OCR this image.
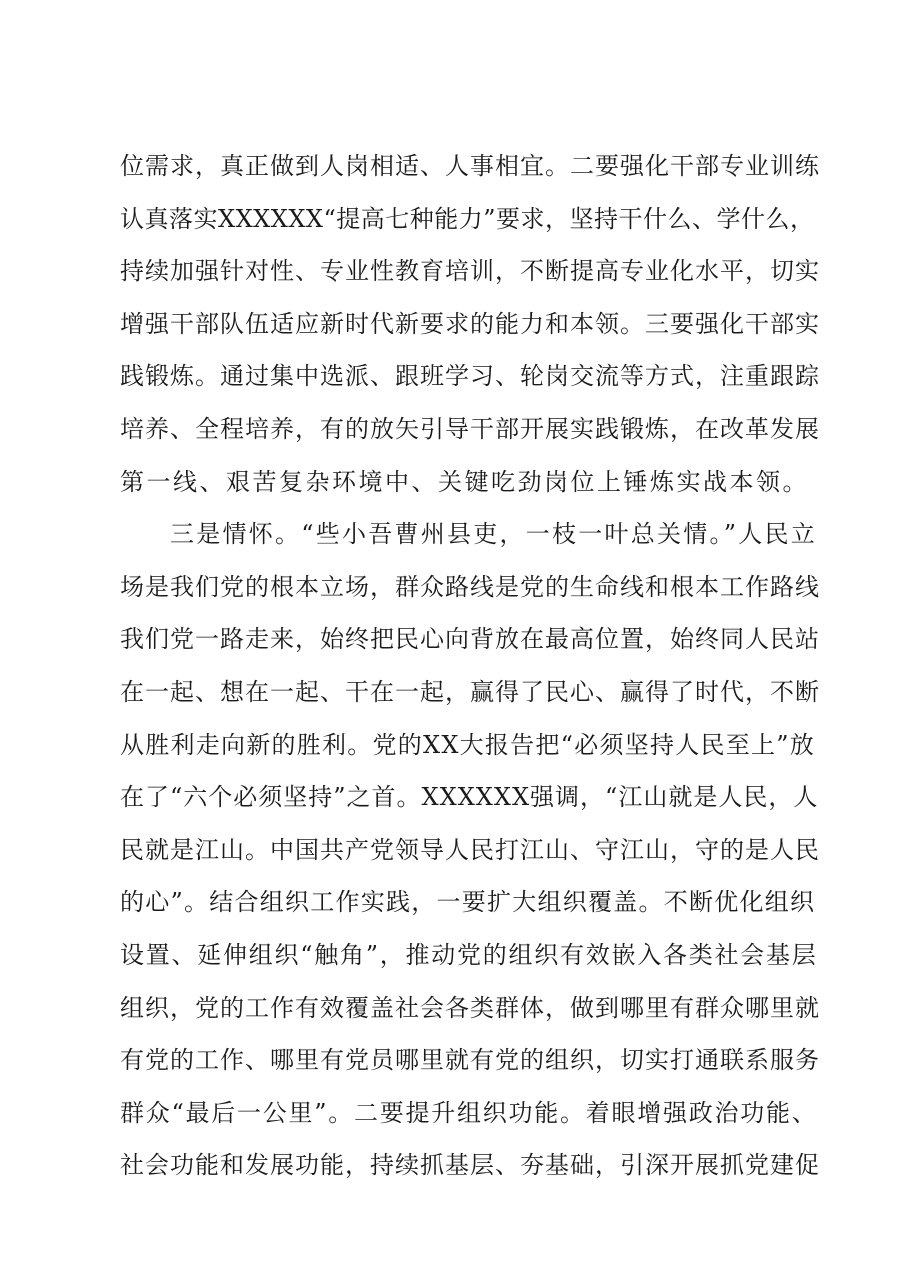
位需求，真正做到人岗相适、人事相宜。二要强化干部专业训练
认真落实XXXXXX“提高七种能力”要求，坚持干什么、学什么，
持续加强针对性、专业性教育培训，不断提高专业化水平，切实
增强干部队伍适应新时代新要求的能力和本领。三要强化干部实
践锻炼。通过集中选派、跟班学习、轮岗交流等方式，注重跟踪
培养、全程培养，有的放矢引导干部开展实践锻炼，在改革发展
第一线、艰苦复杂环境中、关键吃劲岗位上锤炼实战本领。
三是情怀。“些小吾曹州县吏，一枝一叶总关情。”人民立
场是我们党的根本立场，群众路线是党的生命线和根本工作路线
我们党一路走来，始终把民心向背放在最高位置，始终同人民站
在一起、想在一起、干在一起，赢得了民心、赢得了时代，不断
从胜利走向新的胜利。党的XX大报告把“必须坚持人民至上”放
在了“六个必须坚持”之首。XXXXXX强调，“江山就是人民，人
民就是江山。中国共产党领导人民打江山、守江山，守的是人民
的心”。结合组织工作实践，一要扩大组织覆盖。不断优化组织
设置、延伸组织“触角”，推动党的组织有效嵌入各类社会基层
组织，党的工作有效覆盖社会各类群体，做到哪里有群众哪里就
有党的工作、哪里有党员哪里就有党的组织，切实打通联系服务
群众“最后一公里”。二要提升组织功能。着眼增强政治功能、
社会功能和发展功能，持续抓基层、夯基础，引深开展抓党建促
